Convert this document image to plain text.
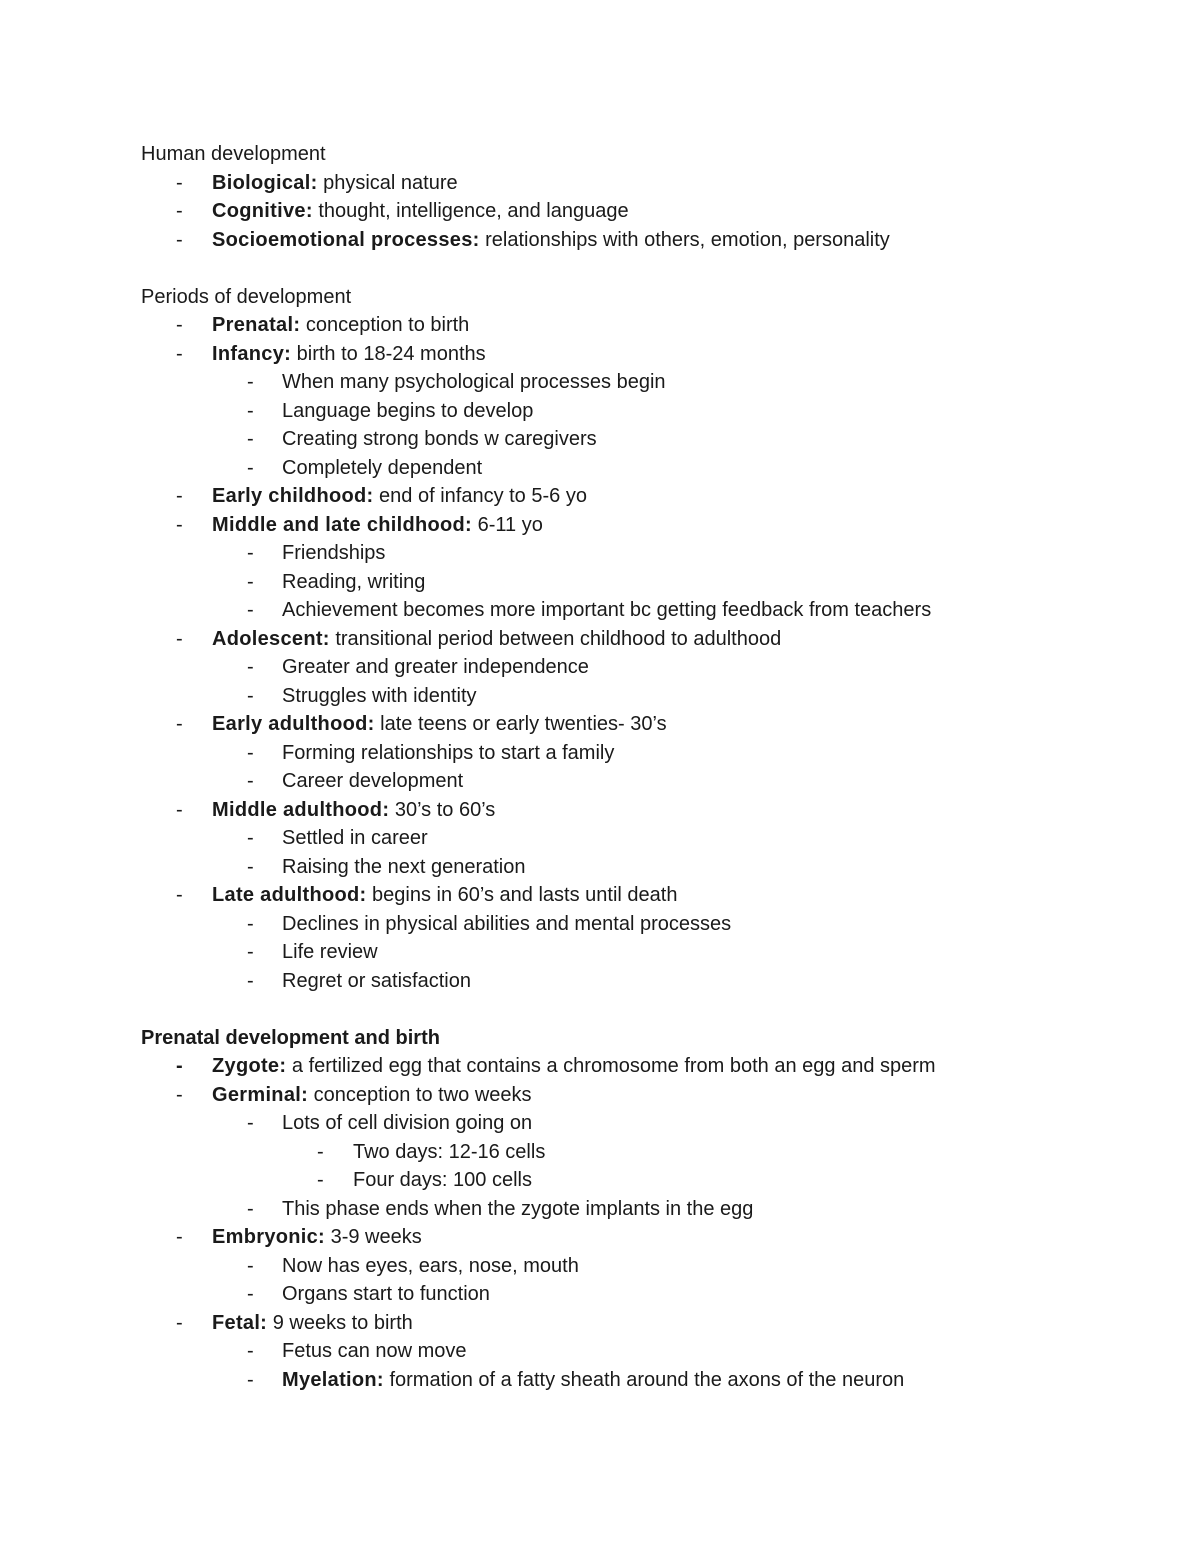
Human development
- Biological: physical nature
- Cognitive: thought, intelligence, and language
- Socioemotional processes: relationships with others, emotion, personality
Periods of development
- Prenatal: conception to birth
- Infancy: birth to 18-24 months
- When many psychological processes begin
- Language begins to develop
- Creating strong bonds w caregivers
- Completely dependent
- Early childhood: end of infancy to 5-6 yo
- Middle and late childhood: 6-11 yo
- Friendships
- Reading, writing
- Achievement becomes more important bc getting feedback from teachers
- Adolescent: transitional period between childhood to adulthood
- Greater and greater independence
- Struggles with identity
- Early adulthood: late teens or early twenties- 30’s
- Forming relationships to start a family
- Career development
- Middle adulthood: 30’s to 60’s
- Settled in career
- Raising the next generation
- Late adulthood: begins in 60’s and lasts until death
- Declines in physical abilities and mental processes
- Life review
- Regret or satisfaction
Prenatal development and birth
- Zygote: a fertilized egg that contains a chromosome from both an egg and sperm
- Germinal: conception to two weeks
- Lots of cell division going on
- Two days: 12-16 cells
- Four days: 100 cells
- This phase ends when the zygote implants in the egg
- Embryonic: 3-9 weeks
- Now has eyes, ears, nose, mouth
- Organs start to function
- Fetal: 9 weeks to birth
- Fetus can now move
- Myelation: formation of a fatty sheath around the axons of the neuron
